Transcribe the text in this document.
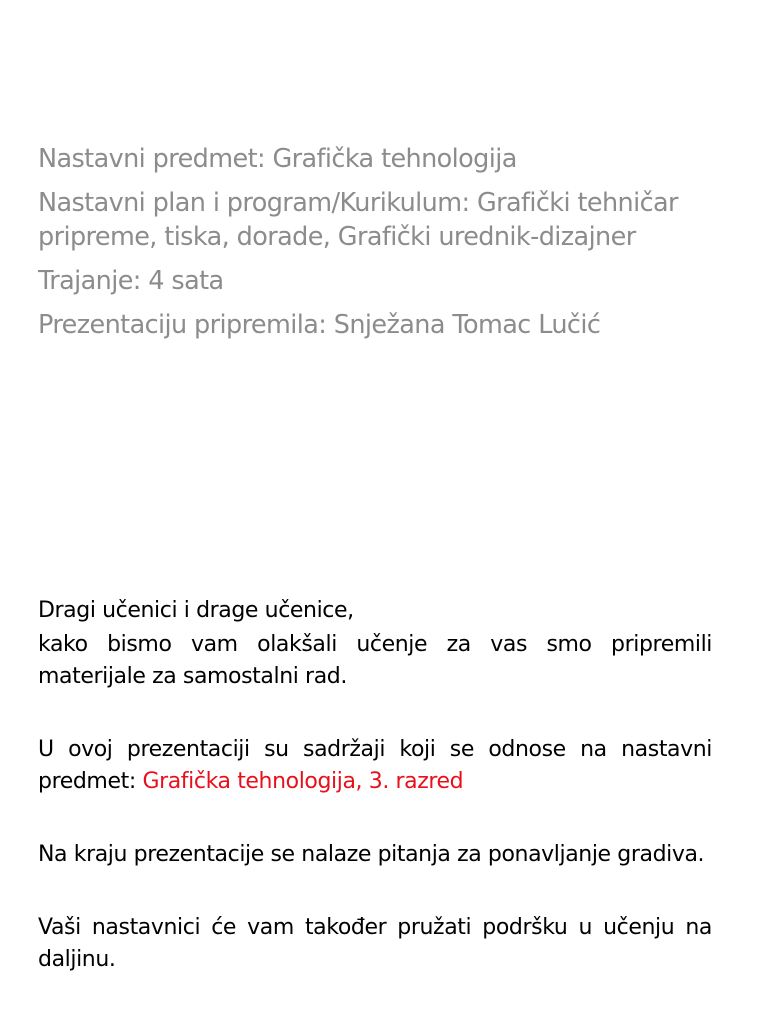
Nastavni predmet: Grafička tehnologija

Nastavni plan i program/Kurikulum: Grafički tehničar pripreme, tiska, dorade, Grafički urednik-dizajner

Trajanje: 4 sata

Prezentaciju pripremila: Snježana Tomac Lučić

Dragi učenici i drage učenice,

kako bismo vam olakšali učenje za vas smo pripremili materijale za samostalni rad.

U ovoj prezentaciji su sadržaji koji se odnose na nastavni predmet: Grafička tehnologija, 3. razred

Na kraju prezentacije se nalaze pitanja za ponavljanje gradiva.

Vaši nastavnici će vam također pružati podršku u učenju na daljinu.
